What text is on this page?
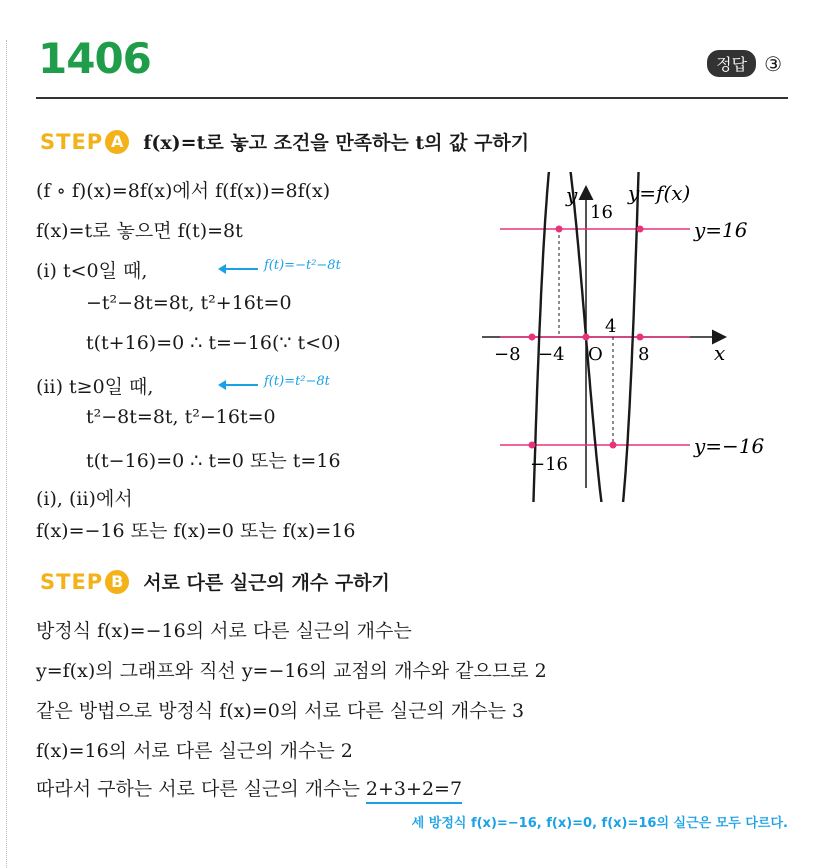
1406	정답 ③
STEP A	f(x)=t로 놓고 조건을 만족하는 t의 값 구하기
(f ∘ f)(x)=8f(x)에서 f(f(x))=8f(x)
f(x)=t로 놓으면 f(t)=8t
(ⅰ) t<0일 때,	f(t)=−t²−8t
−t²−8t=8t, t²+16t=0
t(t+16)=0 ∴ t=−16(∵ t<0)
(ⅱ) t≥0일 때,	f(t)=t²−8t
t²−8t=8t, t²−16t=0
t(t−16)=0 ∴ t=0 또는 t=16
(ⅰ), (ⅱ)에서
f(x)=−16 또는 f(x)=0 또는 f(x)=16
y	y=f(x)
16
y=16
4
−8 −4 O 8	x
y=−16
−16
STEP B	서로 다른 실근의 개수 구하기
방정식 f(x)=−16의 서로 다른 실근의 개수는
y=f(x)의 그래프와 직선 y=−16의 교점의 개수와 같으므로 2
같은 방법으로 방정식 f(x)=0의 서로 다른 실근의 개수는 3
f(x)=16의 서로 다른 실근의 개수는 2
따라서 구하는 서로 다른 실근의 개수는 2+3+2=7
세 방정식 f(x)=−16, f(x)=0, f(x)=16의 실근은 모두 다르다.
